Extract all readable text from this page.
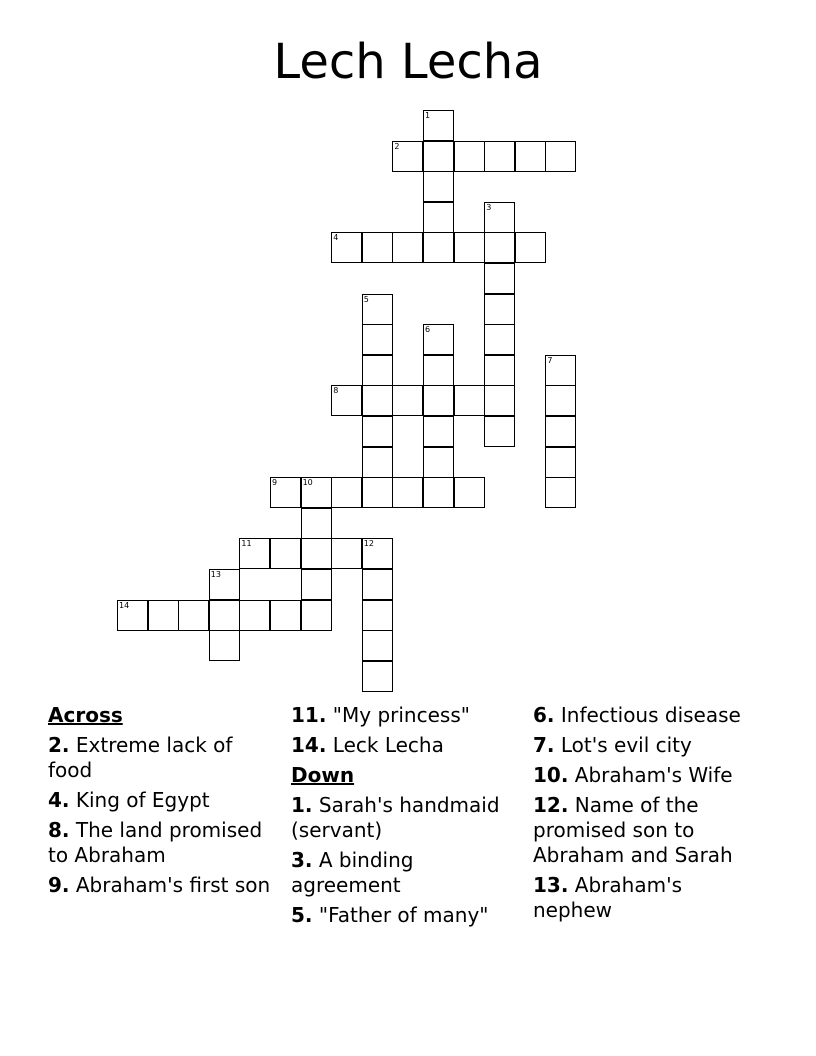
Lech Lecha
1
2
3
4
5
6
7
8
9	10
11	12
13
14
Across
2. Extreme lack of food
4. King of Egypt
8. The land promised to Abraham
9. Abraham's first son
11. "My princess"
14. Leck Lecha
Down
1. Sarah's handmaid (servant)
3. A binding agreement
5. "Father of many"
6. Infectious disease
7. Lot's evil city
10. Abraham's Wife
12. Name of the promised son to Abraham and Sarah
13. Abraham's nephew
